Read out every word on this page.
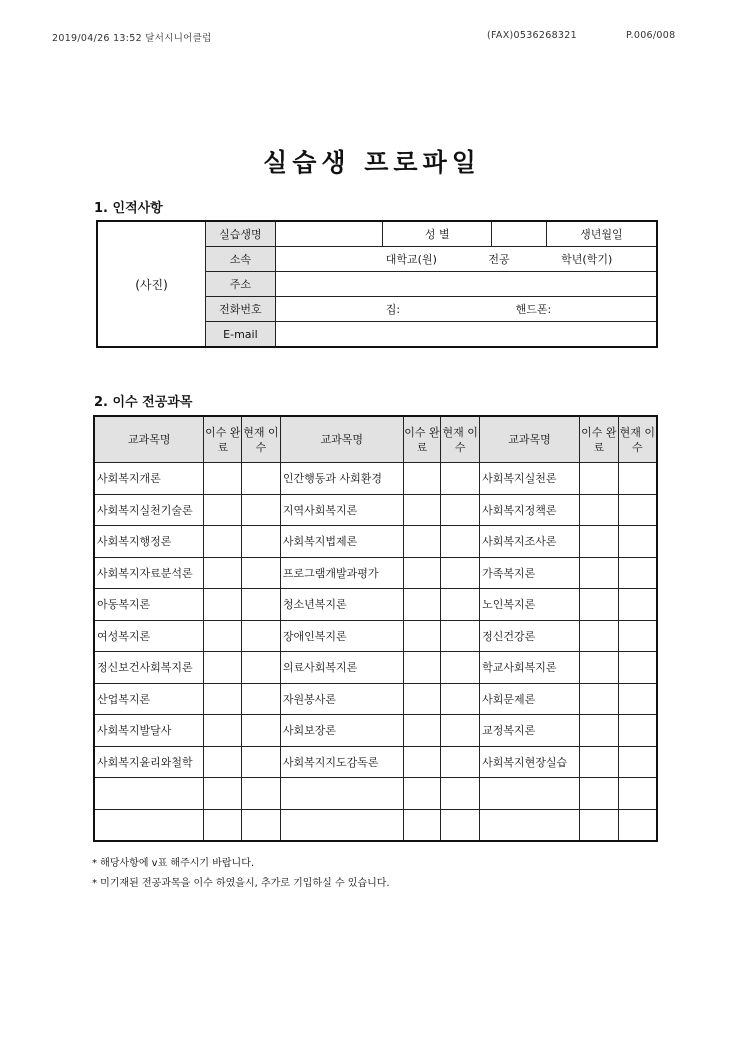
2019/04/26 13:52 달서시니어클럽	(FAX)0536268321	P.006/008
실습생 프로파일
1. 인적사항
(사진)	실습생명		성 별		생년월일
	소속	대학교(원) 전공 학년(학기)			
	주소				
	전화번호	집: 핸드폰:			
	E-mail				
2. 이수 전공과목
교과목명	이수 완료	현재 이수	교과목명	이수 완료	현재 이수	교과목명	이수 완료	현재 이수
사회복지개론			인간행동과 사회환경			사회복지실천론		
사회복지실천기술론			지역사회복지론			사회복지정책론		
사회복지행정론			사회복지법제론			사회복지조사론		
사회복지자료분석론			프로그램개발과평가			가족복지론		
아동복지론			청소년복지론			노인복지론		
여성복지론			장애인복지론			정신건강론		
정신보건사회복지론			의료사회복지론			학교사회복지론		
산업복지론			자원봉사론			사회문제론		
사회복지발달사			사회보장론			교정복지론		
사회복지윤리와철학			사회복지지도감독론			사회복지현장실습		

* 해당사항에 v표 해주시기 바랍니다.
* 미기재된 전공과목을 이수 하였을시, 추가로 기입하실 수 있습니다.
